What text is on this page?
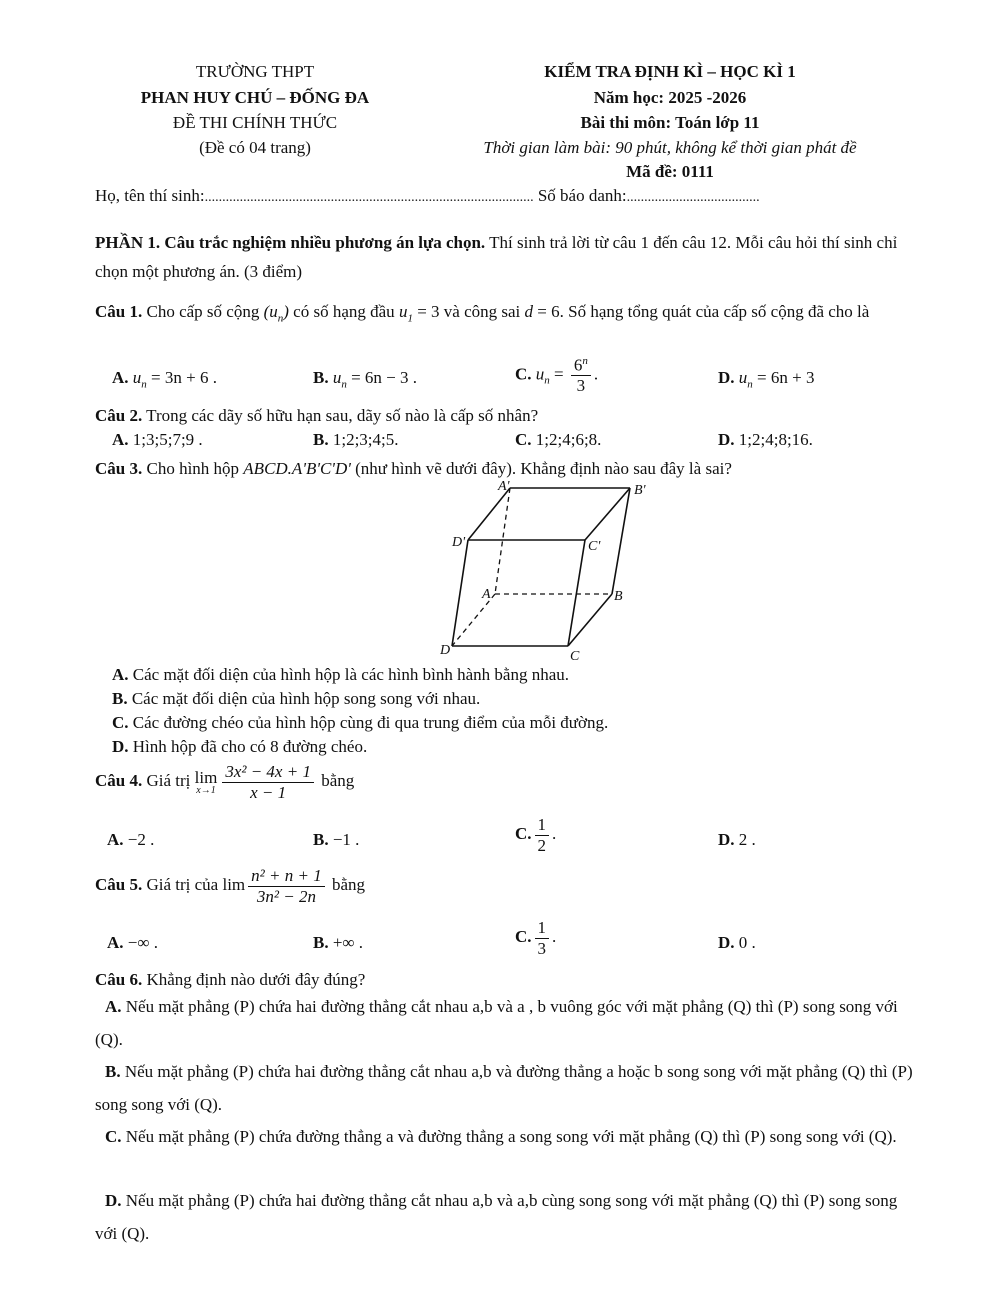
TRƯỜNG THPT
PHAN HUY CHÚ – ĐỐNG ĐA
ĐỀ THI CHÍNH THỨC
(Đề có 04 trang)
KIỂM TRA ĐỊNH KÌ – HỌC KÌ 1
Năm học: 2025 -2026
Bài thi môn: Toán lớp 11
Thời gian làm bài: 90 phút, không kể thời gian phát đề
Mã đề: 0111
Họ, tên thí sinh:.............................................................................................. Số báo danh:......................................
PHẦN 1. Câu trắc nghiệm nhiều phương án lựa chọn. Thí sinh trả lời từ câu 1 đến câu 12. Mỗi câu hỏi thí sinh chỉ chọn một phương án. (3 điểm)
Câu 1. Cho cấp số cộng $(u_n)$ có số hạng đầu $u_1 = 3$ và công sai d = 6. Số hạng tổng quát của cấp số cộng đã cho là
A. $u_n = 3n + 6$ .	B. $u_n = 6n - 3$ .	C. $u_n = \frac{6^n}{3}$ .	D. $u_n = 6n + 3$
Câu 2. Trong các dãy số hữu hạn sau, dãy số nào là cấp số nhân?
A. 1;3;5;7;9 .	B. 1;2;3;4;5.	C. 1;2;4;6;8.	D. 1;2;4;8;16.
Câu 3. Cho hình hộp ABCD.A'B'C'D' (như hình vẽ dưới đây). Khẳng định nào sau đây là sai?
A'	B'
C'
D'
A	B
C
D
A. Các mặt đối diện của hình hộp là các hình bình hành bằng nhau.
B. Các mặt đối diện của hình hộp song song với nhau.
C. Các đường chéo của hình hộp cùng đi qua trung điểm của mỗi đường.
D. Hình hộp đã cho có 8 đường chéo.
Câu 4. Giá trị lim
$x\to 1 \frac{\text{3x² − 4x + 1}}{x - 1}$ bằng
A. −2 .	B. −1 .	C. $\frac{1}{2}$ .	D. 2 .
Câu 5. Giá trị của $\lim \frac{\text{n² + n + 1}}{\text{3n² − 2n}}$ bằng
A. −∞ .	B. +∞ .	C. $\frac{1}{3}$ .	D. 0 .
Câu 6. Khẳng định nào dưới đây đúng?
A. Nếu mặt phẳng (P) chứa hai đường thẳng cắt nhau a,b và a , b vuông góc với mặt phẳng (Q) thì (P) song song với (Q).
B. Nếu mặt phẳng (P) chứa hai đường thẳng cắt nhau a,b và đường thẳng a hoặc b song song với mặt phẳng (Q) thì (P) song song với (Q).
C. Nếu mặt phẳng (P) chứa đường thẳng a và đường thẳng a song song với mặt phẳng (Q) thì (P) song song với (Q).
D. Nếu mặt phẳng (P) chứa hai đường thẳng cắt nhau a,b và a,b cùng song song với mặt phẳng (Q) thì (P) song song với (Q).
